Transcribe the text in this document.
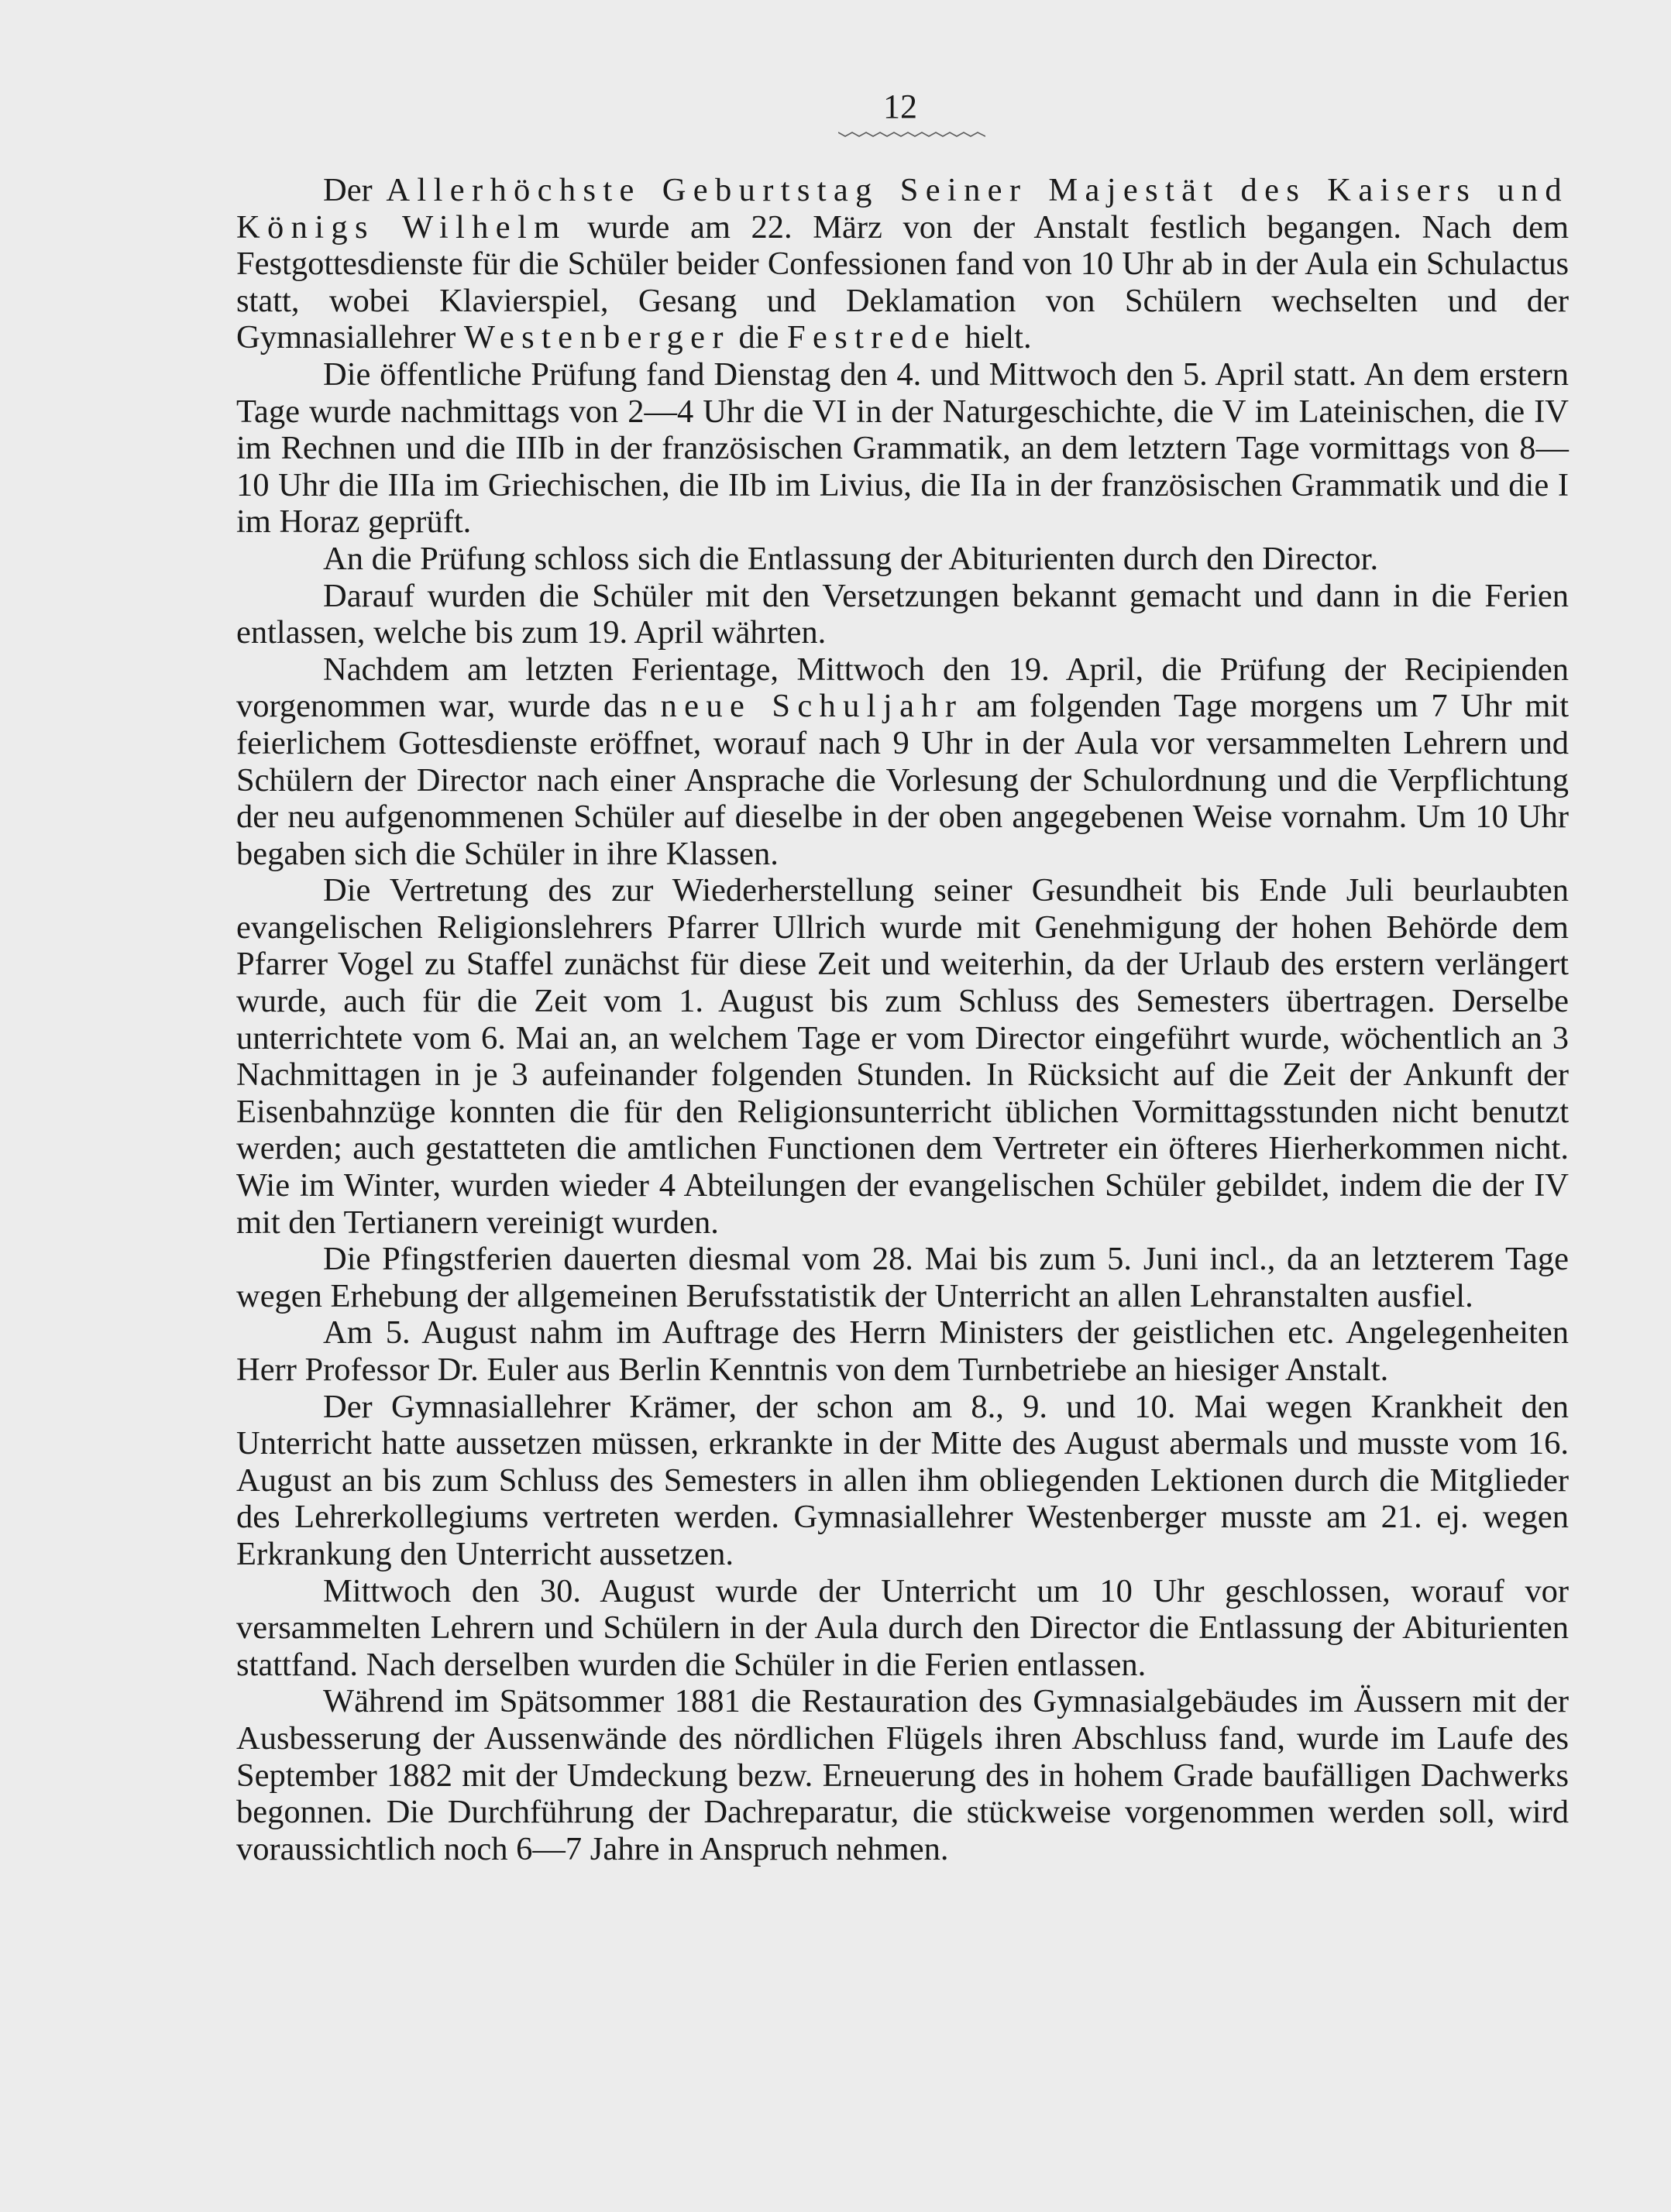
12

Der Allerhöchste Geburtstag Seiner Majestät des Kaisers und Königs Wilhelm wurde am 22. März von der Anstalt festlich begangen. Nach dem Festgottesdienste für die Schüler beider Confessionen fand von 10 Uhr ab in der Aula ein Schulactus statt, wobei Klavierspiel, Gesang und Deklamation von Schülern wechselten und der Gymnasiallehrer Westenberger die Festrede hielt.

Die öffentliche Prüfung fand Dienstag den 4. und Mittwoch den 5. April statt. An dem erstern Tage wurde nachmittags von 2—4 Uhr die VI in der Naturgeschichte, die V im Lateinischen, die IV im Rechnen und die IIIb in der französischen Grammatik, an dem letztern Tage vormittags von 8—10 Uhr die IIIa im Griechischen, die IIb im Livius, die IIa in der französischen Grammatik und die I im Horaz geprüft.

An die Prüfung schloss sich die Entlassung der Abiturienten durch den Director.

Darauf wurden die Schüler mit den Versetzungen bekannt gemacht und dann in die Ferien entlassen, welche bis zum 19. April währten.

Nachdem am letzten Ferientage, Mittwoch den 19. April, die Prüfung der Recipienden vorgenommen war, wurde das neue Schuljahr am folgenden Tage morgens um 7 Uhr mit feierlichem Gottesdienste eröffnet, worauf nach 9 Uhr in der Aula vor versammelten Lehrern und Schülern der Director nach einer Ansprache die Vorlesung der Schulordnung und die Verpflichtung der neu aufgenommenen Schüler auf dieselbe in der oben angegebenen Weise vornahm. Um 10 Uhr begaben sich die Schüler in ihre Klassen.

Die Vertretung des zur Wiederherstellung seiner Gesundheit bis Ende Juli beurlaubten evangelischen Religionslehrers Pfarrer Ullrich wurde mit Genehmigung der hohen Behörde dem Pfarrer Vogel zu Staffel zunächst für diese Zeit und weiterhin, da der Urlaub des erstern verlängert wurde, auch für die Zeit vom 1. August bis zum Schluss des Semesters übertragen. Derselbe unterrichtete vom 6. Mai an, an welchem Tage er vom Director eingeführt wurde, wöchentlich an 3 Nachmittagen in je 3 aufeinander folgenden Stunden. In Rücksicht auf die Zeit der Ankunft der Eisenbahnzüge konnten die für den Religionsunterricht üblichen Vormittagsstunden nicht benutzt werden; auch gestatteten die amtlichen Functionen dem Vertreter ein öfteres Hierherkommen nicht. Wie im Winter, wurden wieder 4 Abteilungen der evangelischen Schüler gebildet, indem die der IV mit den Tertianern vereinigt wurden.

Die Pfingstferien dauerten diesmal vom 28. Mai bis zum 5. Juni incl., da an letzterem Tage wegen Erhebung der allgemeinen Berufsstatistik der Unterricht an allen Lehranstalten ausfiel.

Am 5. August nahm im Auftrage des Herrn Ministers der geistlichen etc. Angelegenheiten Herr Professor Dr. Euler aus Berlin Kenntnis von dem Turnbetriebe an hiesiger Anstalt.

Der Gymnasiallehrer Krämer, der schon am 8., 9. und 10. Mai wegen Krankheit den Unterricht hatte aussetzen müssen, erkrankte in der Mitte des August abermals und musste vom 16. August an bis zum Schluss des Semesters in allen ihm obliegenden Lektionen durch die Mitglieder des Lehrerkollegiums vertreten werden. Gymnasiallehrer Westenberger musste am 21. ej. wegen Erkrankung den Unterricht aussetzen.

Mittwoch den 30. August wurde der Unterricht um 10 Uhr geschlossen, worauf vor versammelten Lehrern und Schülern in der Aula durch den Director die Entlassung der Abiturienten stattfand. Nach derselben wurden die Schüler in die Ferien entlassen.

Während im Spätsommer 1881 die Restauration des Gymnasialgebäudes im Äussern mit der Ausbesserung der Aussenwände des nördlichen Flügels ihren Abschluss fand, wurde im Laufe des September 1882 mit der Umdeckung bezw. Erneuerung des in hohem Grade baufälligen Dachwerks begonnen. Die Durchführung der Dachreparatur, die stückweise vorgenommen werden soll, wird voraussichtlich noch 6—7 Jahre in Anspruch nehmen.
